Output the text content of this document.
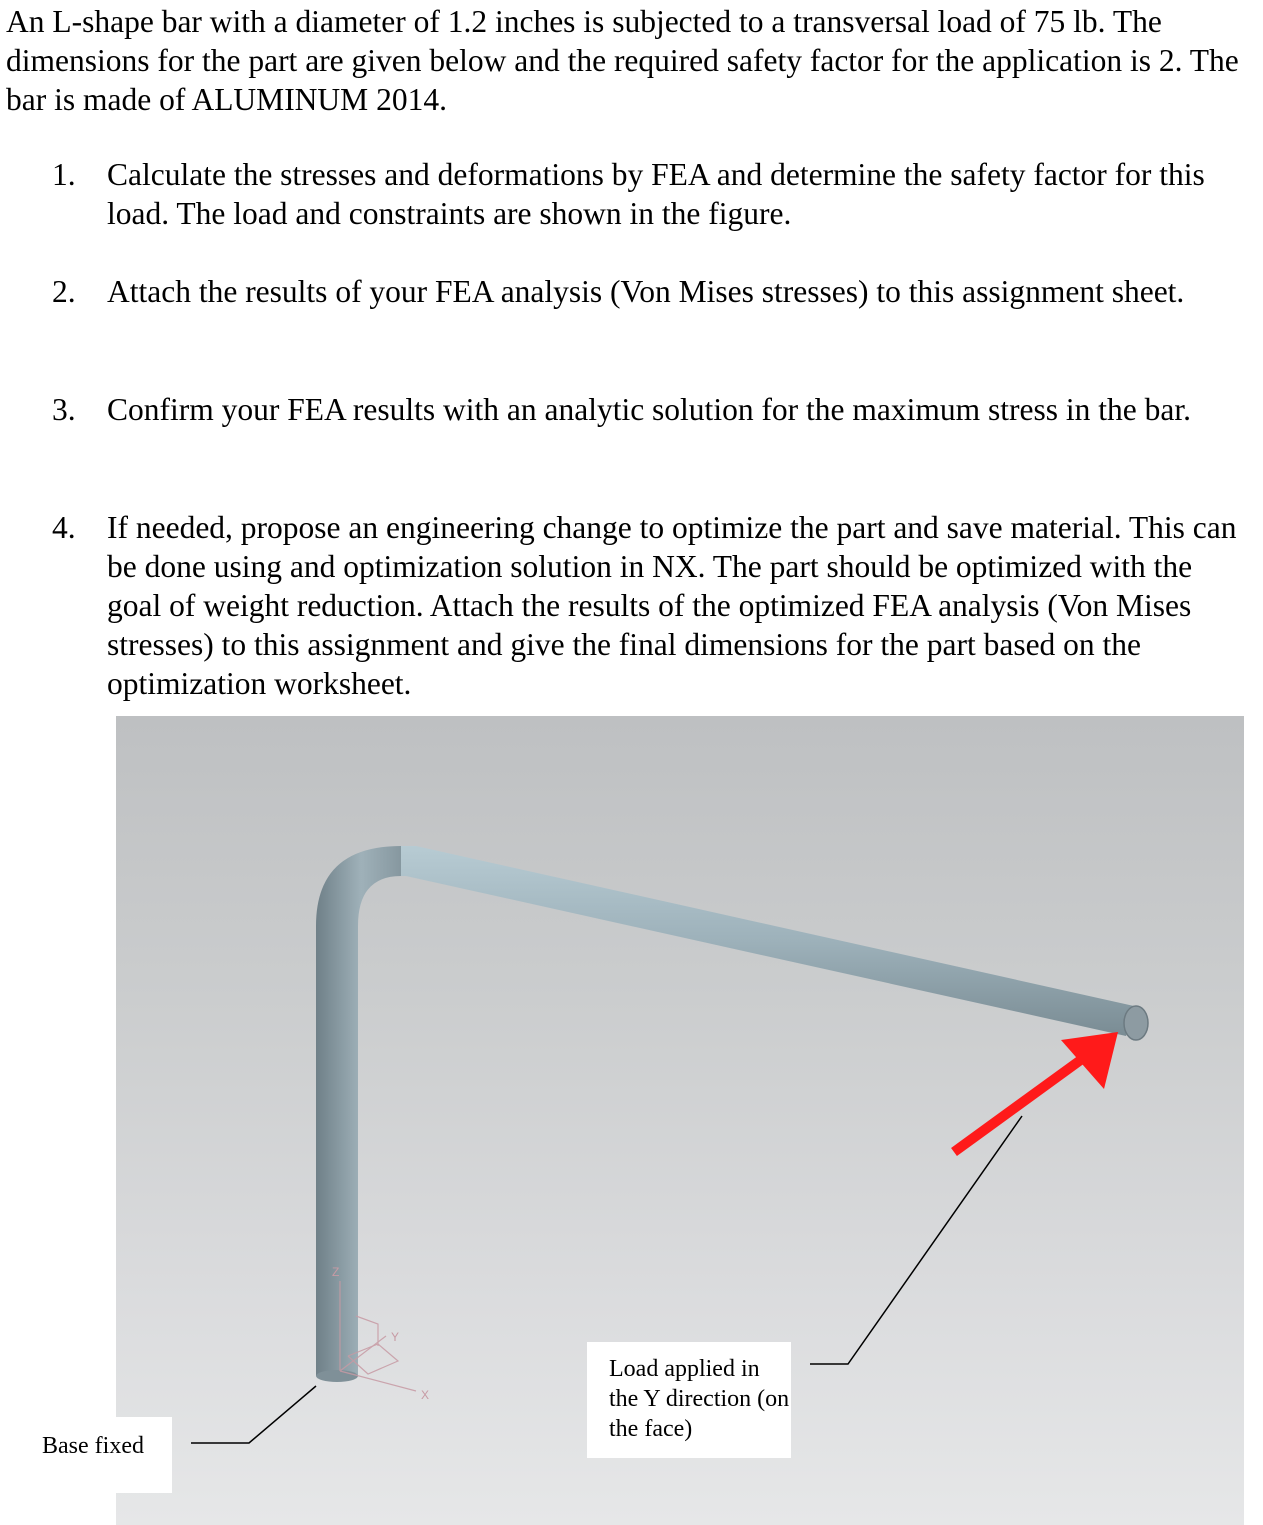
An L-shape bar with a diameter of 1.2 inches is subjected to a transversal load of 75 lb. The dimensions for the part are given below and the required safety factor for the application is 2. The bar is made of ALUMINUM 2014.

1. Calculate the stresses and deformations by FEA and determine the safety factor for this load. The load and constraints are shown in the figure.
2. Attach the results of your FEA analysis (Von Mises stresses) to this assignment sheet.
3. Confirm your FEA results with an analytic solution for the maximum stress in the bar.
4. If needed, propose an engineering change to optimize the part and save material. This can be done using and optimization solution in NX. The part should be optimized with the goal of weight reduction. Attach the results of the optimized FEA analysis (Von Mises stresses) to this assignment and give the final dimensions for the part based on the optimization worksheet.
Z
Y
X
Load applied in the Y direction (on the face)
Base fixed
